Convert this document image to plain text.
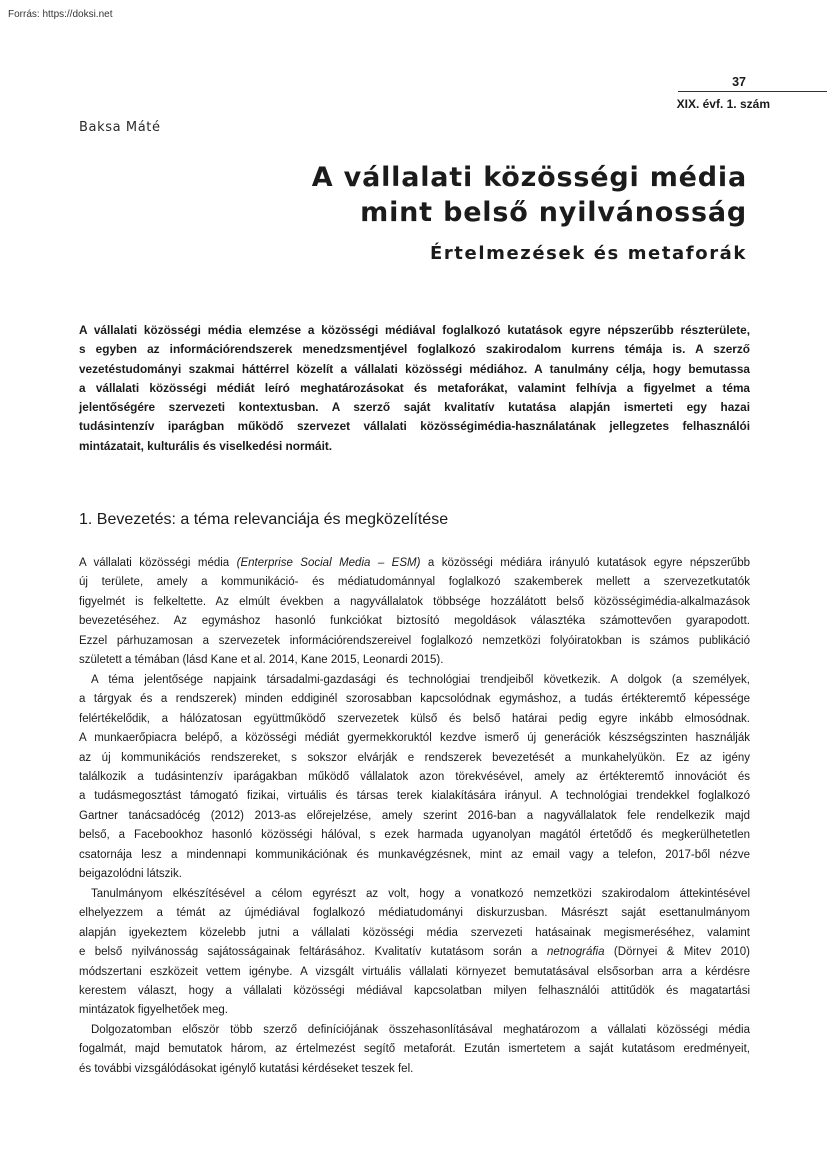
Forrás: https://doksi.net
37
XIX. évf. 1. szám
Baksa Máté
A vállalati közösségi média
mint belső nyilvánosság
Értelmezések és metaforák
A vállalati közösségi média elemzése a közösségi médiával foglalkozó kutatások egyre népszerűbb részterülete,
s egyben az információrendszerek menedzsmentjével foglalkozó szakirodalom kurrens témája is. A szerző
vezetéstudományi szakmai háttérrel közelít a vállalati közösségi médiához. A tanulmány célja, hogy bemutassa
a vállalati közösségi médiát leíró meghatározásokat és metaforákat, valamint felhívja a figyelmet a téma
jelentőségére szervezeti kontextusban. A szerző saját kvalitatív kutatása alapján ismerteti egy hazai
tudásintenzív iparágban működő szervezet vállalati közösségimédia-használatának jellegzetes felhasználói
mintázatait, kulturális és viselkedési normáit.
1. Bevezetés: a téma relevanciája és megközelítése
A vállalati közösségi média (Enterprise Social Media – ESM) a közösségi médiára irányuló kutatások egyre népszerűbb
új területe, amely a kommunikáció- és médiatudománnyal foglalkozó szakemberek mellett a szervezetkutatók
figyelmét is felkeltette. Az elmúlt években a nagyvállalatok többsége hozzálátott belső közösségimédia-alkalmazások
bevezetéséhez. Az egymáshoz hasonló funkciókat biztosító megoldások választéka számottevően gyarapodott.
Ezzel párhuzamosan a szervezetek információrendszereivel foglalkozó nemzetközi folyóiratokban is számos publikáció
született a témában (lásd Kane et al. 2014, Kane 2015, Leonardi 2015).
A téma jelentősége napjaink társadalmi-gazdasági és technológiai trendjeiből következik. A dolgok (a személyek,
a tárgyak és a rendszerek) minden eddiginél szorosabban kapcsolódnak egymáshoz, a tudás értékteremtő képessége
felértékelődik, a hálózatosan együttműködő szervezetek külső és belső határai pedig egyre inkább elmosódnak.
A munkaerőpiacra belépő, a közösségi médiát gyermekkoruktól kezdve ismerő új generációk készségszinten használják
az új kommunikációs rendszereket, s sokszor elvárják e rendszerek bevezetését a munkahelyükön. Ez az igény
találkozik a tudásintenzív iparágakban működő vállalatok azon törekvésével, amely az értékteremtő innovációt és
a tudásmegosztást támogató fizikai, virtuális és társas terek kialakítására irányul. A technológiai trendekkel foglalkozó
Gartner tanácsadócég (2012) 2013-as előrejelzése, amely szerint 2016-ban a nagyvállalatok fele rendelkezik majd
belső, a Facebookhoz hasonló közösségi hálóval, s ezek harmada ugyanolyan magától értetődő és megkerülhetetlen
csatornája lesz a mindennapi kommunikációnak és munkavégzésnek, mint az email vagy a telefon, 2017-ből nézve
beigazolódni látszik.
Tanulmányom elkészítésével a célom egyrészt az volt, hogy a vonatkozó nemzetközi szakirodalom áttekintésével
elhelyezzem a témát az újmédiával foglalkozó médiatudományi diskurzusban. Másrészt saját esettanulmányom
alapján igyekeztem közelebb jutni a vállalati közösségi média szervezeti hatásainak megismeréséhez, valamint
e belső nyilvánosság sajátosságainak feltárásához. Kvalitatív kutatásom során a netnográfia (Dörnyei & Mitev 2010)
módszertani eszközeit vettem igénybe. A vizsgált virtuális vállalati környezet bemutatásával elsősorban arra a kérdésre
kerestem választ, hogy a vállalati közösségi médiával kapcsolatban milyen felhasználói attitűdök és magatartási
mintázatok figyelhetőek meg.
Dolgozatomban először több szerző definíciójának összehasonlításával meghatározom a vállalati közösségi média
fogalmát, majd bemutatok három, az értelmezést segítő metaforát. Ezután ismertetem a saját kutatásom eredményeit,
és további vizsgálódásokat igénylő kutatási kérdéseket teszek fel.
